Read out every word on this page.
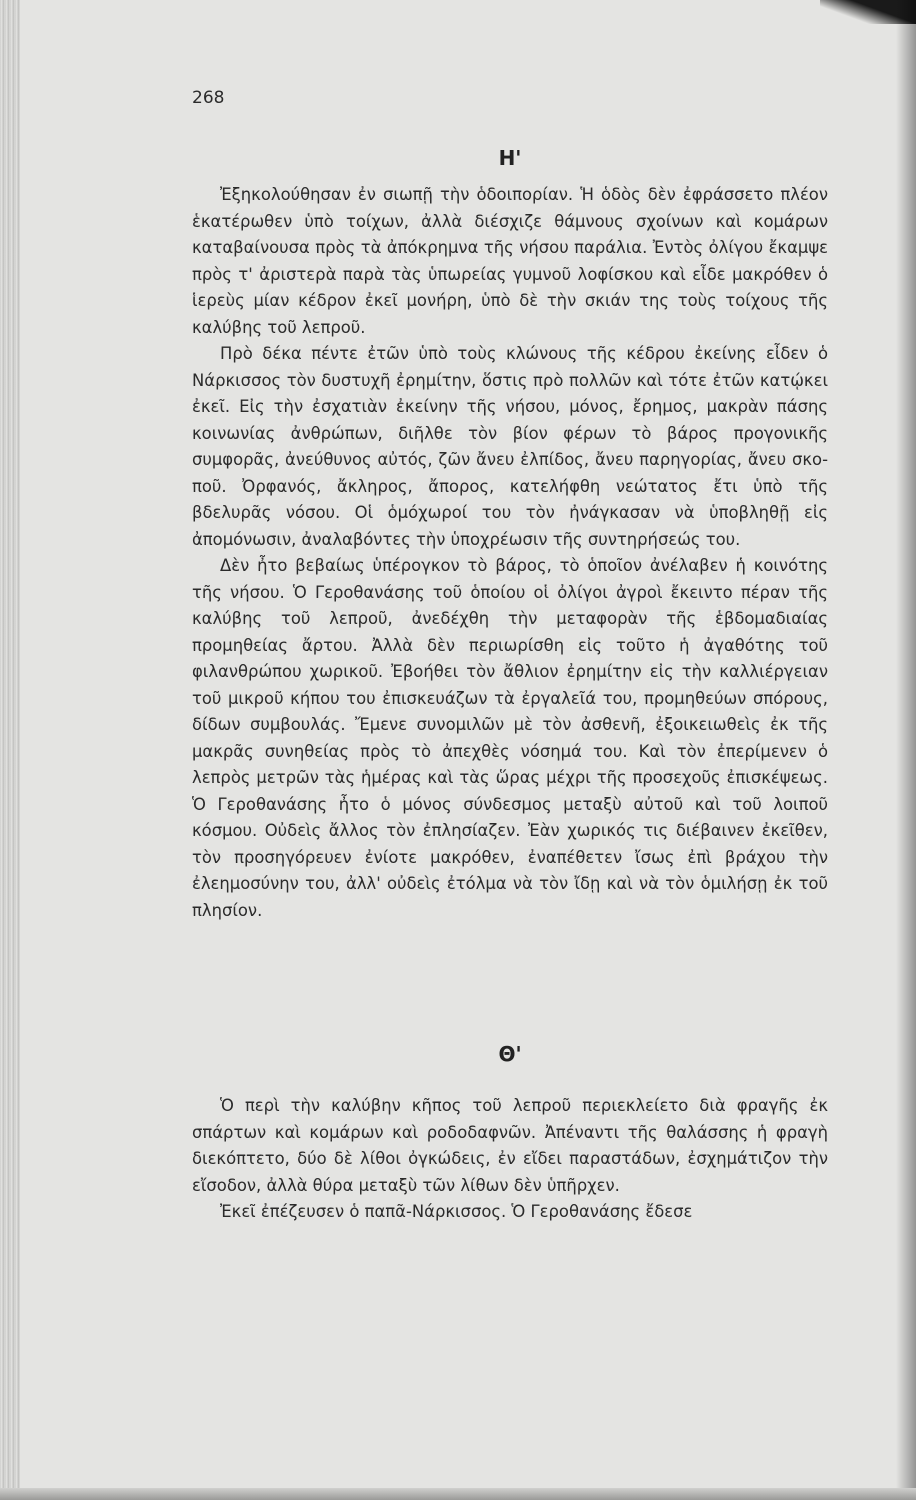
268

Η'

Ἐξηκολούθησαν ἐν σιωπῇ τὴν ὁδοιπορίαν. Ἡ ὁδὸς δὲν ἐφράσσετο πλέον ἑκατέρωθεν ὑπὸ τοίχων, ἀλλὰ διέσχιζε θάμνους σχοίνων καὶ κομάρων καταβαίνουσα πρὸς τὰ ἀπόκρημνα τῆς νήσου παράλια. Ἐντὸς ὀλίγου ἔκαμψε πρὸς τ' ἀριστερὰ παρὰ τὰς ὑπωρείας γυμνοῦ λοφίσκου καὶ εἶδε μακρόθεν ὁ ἱερεὺς μίαν κέδρον ἐκεῖ μονήρη, ὑπὸ δὲ τὴν σκιάν της τοὺς τοίχους τῆς καλύβης τοῦ λεπροῦ.

Πρὸ δέκα πέντε ἐτῶν ὑπὸ τοὺς κλώνους τῆς κέδρου ἐκείνης εἶδεν ὁ Νάρκισσος τὸν δυστυχῆ ἐρημίτην, ὅστις πρὸ πολλῶν καὶ τότε ἐτῶν κατῴκει ἐκεῖ. Εἰς τὴν ἐσχατιὰν ἐκείνην τῆς νήσου, μόνος, ἔρημος, μακρὰν πάσης κοινωνίας ἀνθρώπων, διῆλθε τὸν βίον φέρων τὸ βάρος προγονικῆς συμφορᾶς, ἀνεύθυνος αὐτός, ζῶν ἄνευ ἐλπίδος, ἄνευ παρηγορίας, ἄνευ σκοποῦ. Ὀρφανός, ἄκληρος, ἄπορος, κατελήφθη νεώτατος ἔτι ὑπὸ τῆς βδελυρᾶς νόσου. Οἱ ὁμόχωροί του τὸν ἠνάγκασαν νὰ ὑποβληθῇ εἰς ἀπομόνωσιν, ἀναλαβόντες τὴν ὑποχρέωσιν τῆς συντηρήσεώς του.

Δὲν ἦτο βεβαίως ὑπέρογκον τὸ βάρος, τὸ ὁποῖον ἀνέλαβεν ἡ κοινότης τῆς νήσου. Ὁ Γεροθανάσης τοῦ ὁποίου οἱ ὀλίγοι ἀγροὶ ἔκειντο πέραν τῆς καλύβης τοῦ λεπροῦ, ἀνεδέχθη τὴν μεταφορὰν τῆς ἑβδομαδιαίας προμηθείας ἄρτου. Ἀλλὰ δὲν περιωρίσθη εἰς τοῦτο ἡ ἀγαθότης τοῦ φιλανθρώπου χωρικοῦ. Ἐβοήθει τὸν ἄθλιον ἐρημίτην εἰς τὴν καλλιέργειαν τοῦ μικροῦ κήπου του ἐπισκευάζων τὰ ἐργαλεῖά του, προμηθεύων σπόρους, δίδων συμβουλάς. Ἔμενε συνομιλῶν μὲ τὸν ἀσθενῆ, ἐξοικειωθεὶς ἐκ τῆς μακρᾶς συνηθείας πρὸς τὸ ἀπεχθὲς νόσημά του. Καὶ τὸν ἐπερίμενεν ὁ λεπρὸς μετρῶν τὰς ἡμέρας καὶ τὰς ὥρας μέχρι τῆς προσεχοῦς ἐπισκέψεως. Ὁ Γεροθανάσης ἦτο ὁ μόνος σύνδεσμος μεταξὺ αὐτοῦ καὶ τοῦ λοιποῦ κόσμου. Οὐδεὶς ἄλλος τὸν ἐπλησίαζεν. Ἐὰν χωρικός τις διέβαινεν ἐκεῖθεν, τὸν προσηγόρευεν ἐνίοτε μακρόθεν, ἐναπέθετεν ἴσως ἐπὶ βράχου τὴν ἐλεημοσύνην του, ἀλλ' οὐδεὶς ἐτόλμα νὰ τὸν ἴδῃ καὶ νὰ τὸν ὁμιλήσῃ ἐκ τοῦ πλησίον.

Θ'

Ὁ περὶ τὴν καλύβην κῆπος τοῦ λεπροῦ περιεκλείετο διὰ φραγῆς ἐκ σπάρτων καὶ κομάρων καὶ ροδοδαφνῶν. Ἀπέναντι τῆς θαλάσσης ἡ φραγὴ διεκόπτετο, δύο δὲ λίθοι ὀγκώδεις, ἐν εἴδει παραστάδων, ἐσχημάτιζον τὴν εἴσοδον, ἀλλὰ θύρα μεταξὺ τῶν λίθων δὲν ὑπῆρχεν.

Ἐκεῖ ἐπέζευσεν ὁ παπᾶ-Νάρκισσος. Ὁ Γεροθανάσης ἔδεσε
